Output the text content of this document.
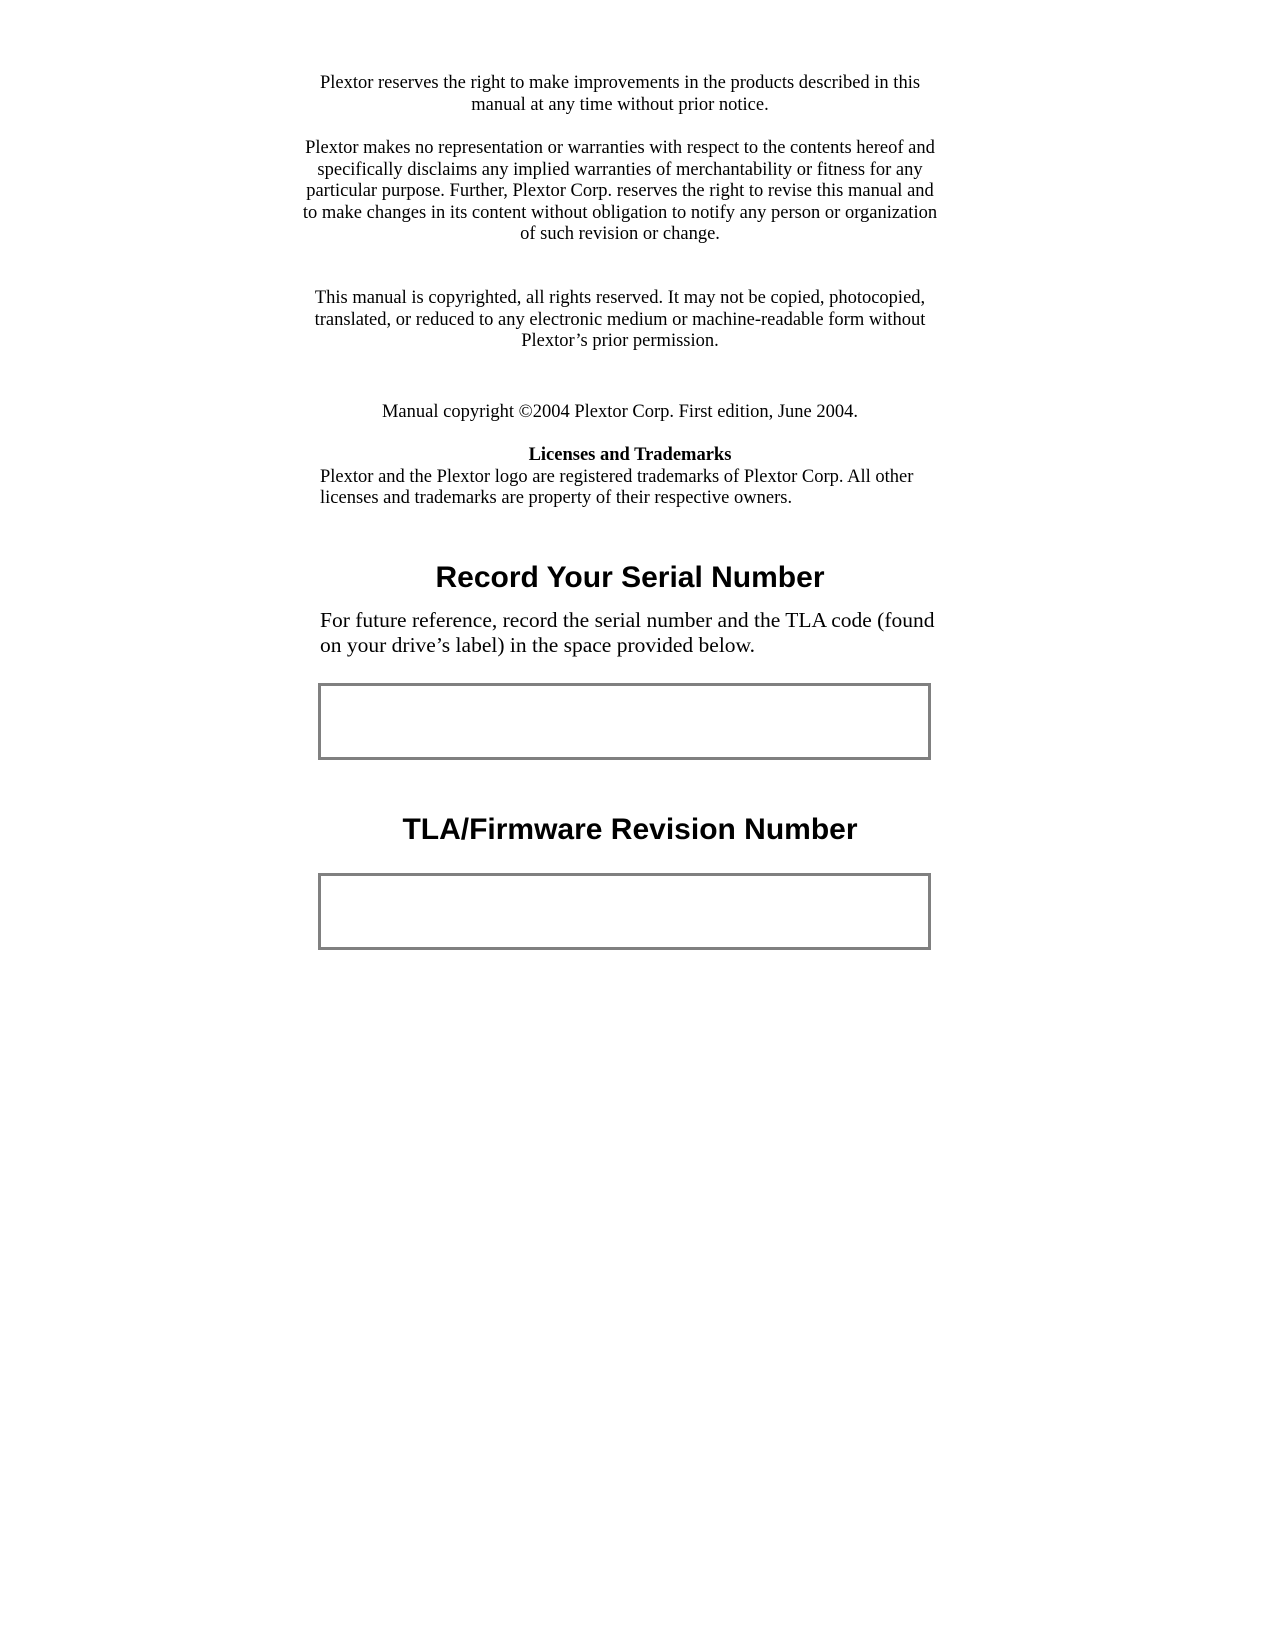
Plextor reserves the right to make improvements in the products described in this manual at any time without prior notice.

Plextor makes no representation or warranties with respect to the contents hereof and specifically disclaims any implied warranties of merchantability or fitness for any particular purpose. Further, Plextor Corp. reserves the right to revise this manual and to make changes in its content without obligation to notify any person or organization of such revision or change.

This manual is copyrighted, all rights reserved. It may not be copied, photocopied, translated, or reduced to any electronic medium or machine-readable form without Plextor’s prior permission.

Manual copyright ©2004 Plextor Corp. First edition, June 2004.

Licenses and Trademarks

Plextor and the Plextor logo are registered trademarks of Plextor Corp. All other licenses and trademarks are property of their respective owners.

Record Your Serial Number

For future reference, record the serial number and the TLA code (found on your drive’s label) in the space provided below.

TLA/Firmware Revision Number
